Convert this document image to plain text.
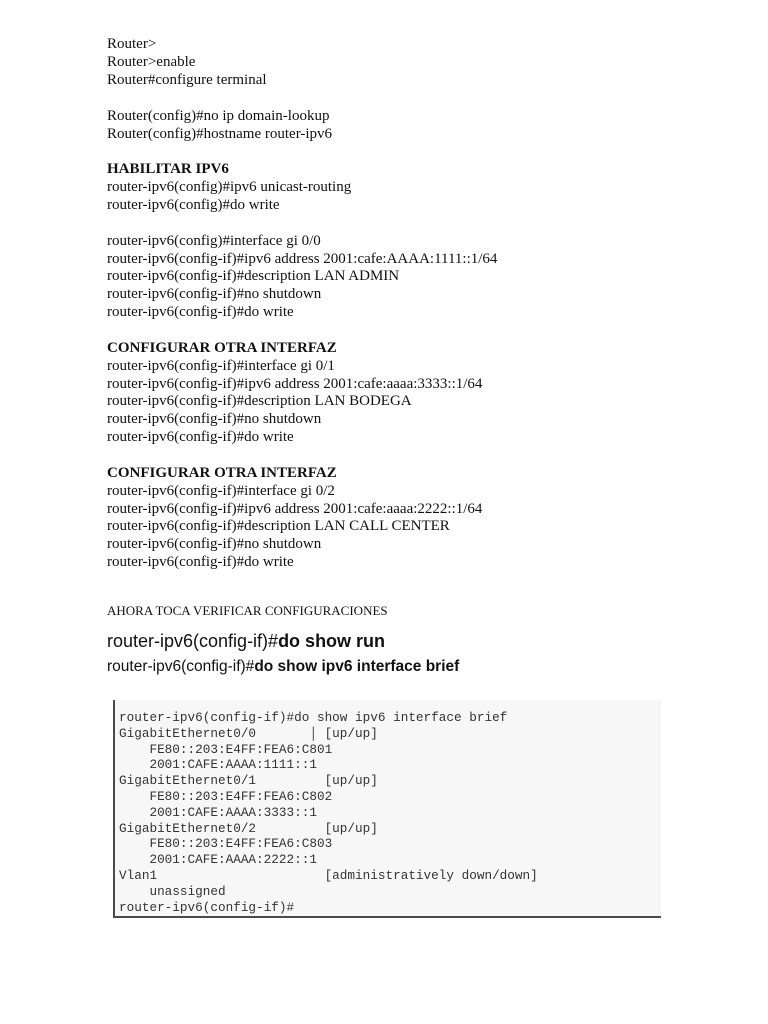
Router>
Router>enable
Router#configure terminal
Router(config)#no ip domain-lookup
Router(config)#hostname router-ipv6
HABILITAR IPV6
router-ipv6(config)#ipv6 unicast-routing
router-ipv6(config)#do write
router-ipv6(config)#interface gi 0/0
router-ipv6(config-if)#ipv6 address 2001:cafe:AAAA:1111::1/64
router-ipv6(config-if)#description LAN ADMIN
router-ipv6(config-if)#no shutdown
router-ipv6(config-if)#do write
CONFIGURAR OTRA INTERFAZ
router-ipv6(config-if)#interface gi 0/1
router-ipv6(config-if)#ipv6 address 2001:cafe:aaaa:3333::1/64
router-ipv6(config-if)#description LAN BODEGA
router-ipv6(config-if)#no shutdown
router-ipv6(config-if)#do write
CONFIGURAR OTRA INTERFAZ
router-ipv6(config-if)#interface gi 0/2
router-ipv6(config-if)#ipv6 address 2001:cafe:aaaa:2222::1/64
router-ipv6(config-if)#description LAN CALL CENTER
router-ipv6(config-if)#no shutdown
router-ipv6(config-if)#do write
AHORA TOCA VERIFICAR CONFIGURACIONES
router-ipv6(config-if)#do show run
router-ipv6(config-if)#do show ipv6 interface brief
router-ipv6(config-if)#do show ipv6 interface brief
GigabitEthernet0/0       │ [up/up]
FE80::203:E4FF:FEA6:C801
2001:CAFE:AAAA:1111::1
GigabitEthernet0/1         [up/up]
FE80::203:E4FF:FEA6:C802
2001:CAFE:AAAA:3333::1
GigabitEthernet0/2         [up/up]
FE80::203:E4FF:FEA6:C803
2001:CAFE:AAAA:2222::1
Vlan1                      [administratively down/down]
unassigned
router-ipv6(config-if)#
